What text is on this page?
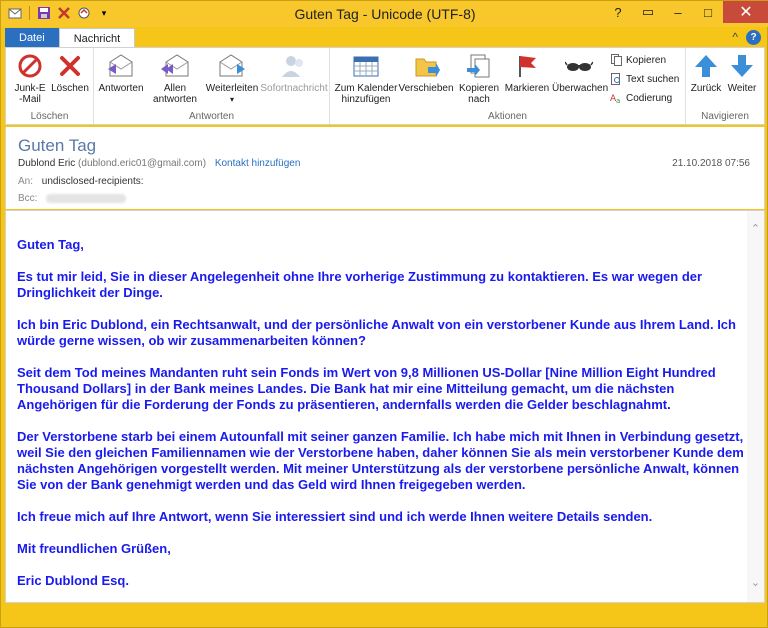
▾	Guten Tag - Unicode (UTF-8)	?	▭	–	□	✕
Datei	Nachricht	^	?
Junk-E
-Mail
Löschen
Löschen
Antworten	Allen
antworten
Weiterleiten
▾
Sofortnachricht
Antworten
Zum Kalender
hinzufügen
Verschieben Kopieren
nach
Markieren Überwachen
Kopieren
Text suchen
A a Codierung
Aktionen
Zurück Weiter
Navigieren
Guten Tag
Dublond Eric (dublond.eric01@gmail.com) Kontakt hinzufügen	21.10.2018 07:56
An: undisclosed-recipients:
Bcc:

Guten Tag,

Es tut mir leid, Sie in dieser Angelegenheit ohne Ihre vorherige Zustimmung zu kontaktieren. Es war wegen der Dringlichkeit der Dinge.

Ich bin Eric Dublond, ein Rechtsanwalt, und der persönliche Anwalt von ein verstorbener Kunde aus Ihrem Land. Ich würde gerne wissen, ob wir zusammenarbeiten können?

Seit dem Tod meines Mandanten ruht sein Fonds im Wert von 9,8 Millionen US-Dollar [Nine Million Eight Hundred Thousand Dollars] in der Bank meines Landes. Die Bank hat mir eine Mitteilung gemacht, um die nächsten Angehörigen für die Forderung der Fonds zu präsentieren, andernfalls werden die Gelder beschlagnahmt.

Der Verstorbene starb bei einem Autounfall mit seiner ganzen Familie. Ich habe mich mit Ihnen in Verbindung gesetzt, weil Sie den gleichen Familiennamen wie der Verstorbene haben, daher können Sie als mein verstorbener Kunde dem nächsten Angehörigen vorgestellt werden. Mit meiner Unterstützung als der verstorbene persönliche Anwalt, können Sie von der Bank genehmigt werden und das Geld wird Ihnen freigegeben werden.

Ich freue mich auf Ihre Antwort, wenn Sie interessiert sind und ich werde Ihnen weitere Details senden.

Mit freundlichen Grüßen,

Eric Dublond Esq.

⌃
⌄
